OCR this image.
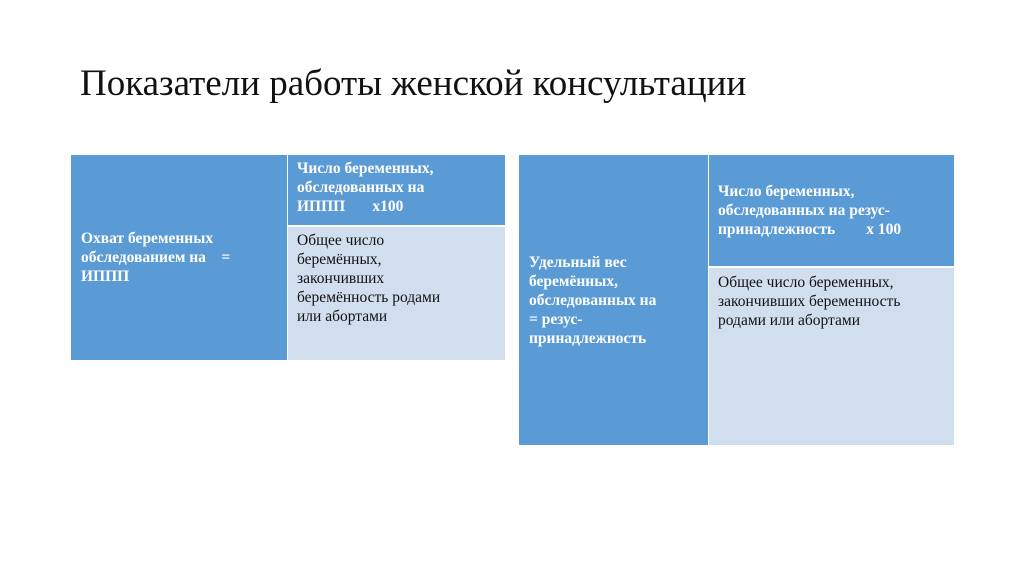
Показатели работы женской консультации
Охват беременных
обследованием на    =
ИППП
Число беременных,
обследованных на
ИППП       х100
Общее число
беремённых,
закончивших
беремённость родами
или абортами
Удельный вес
беремённых,
обследованных на
= резус-
принадлежность
Число беременных,
обследованных на резус-
принадлежность        х 100
Общее число беременных,
закончивших беременность
родами или абортами
